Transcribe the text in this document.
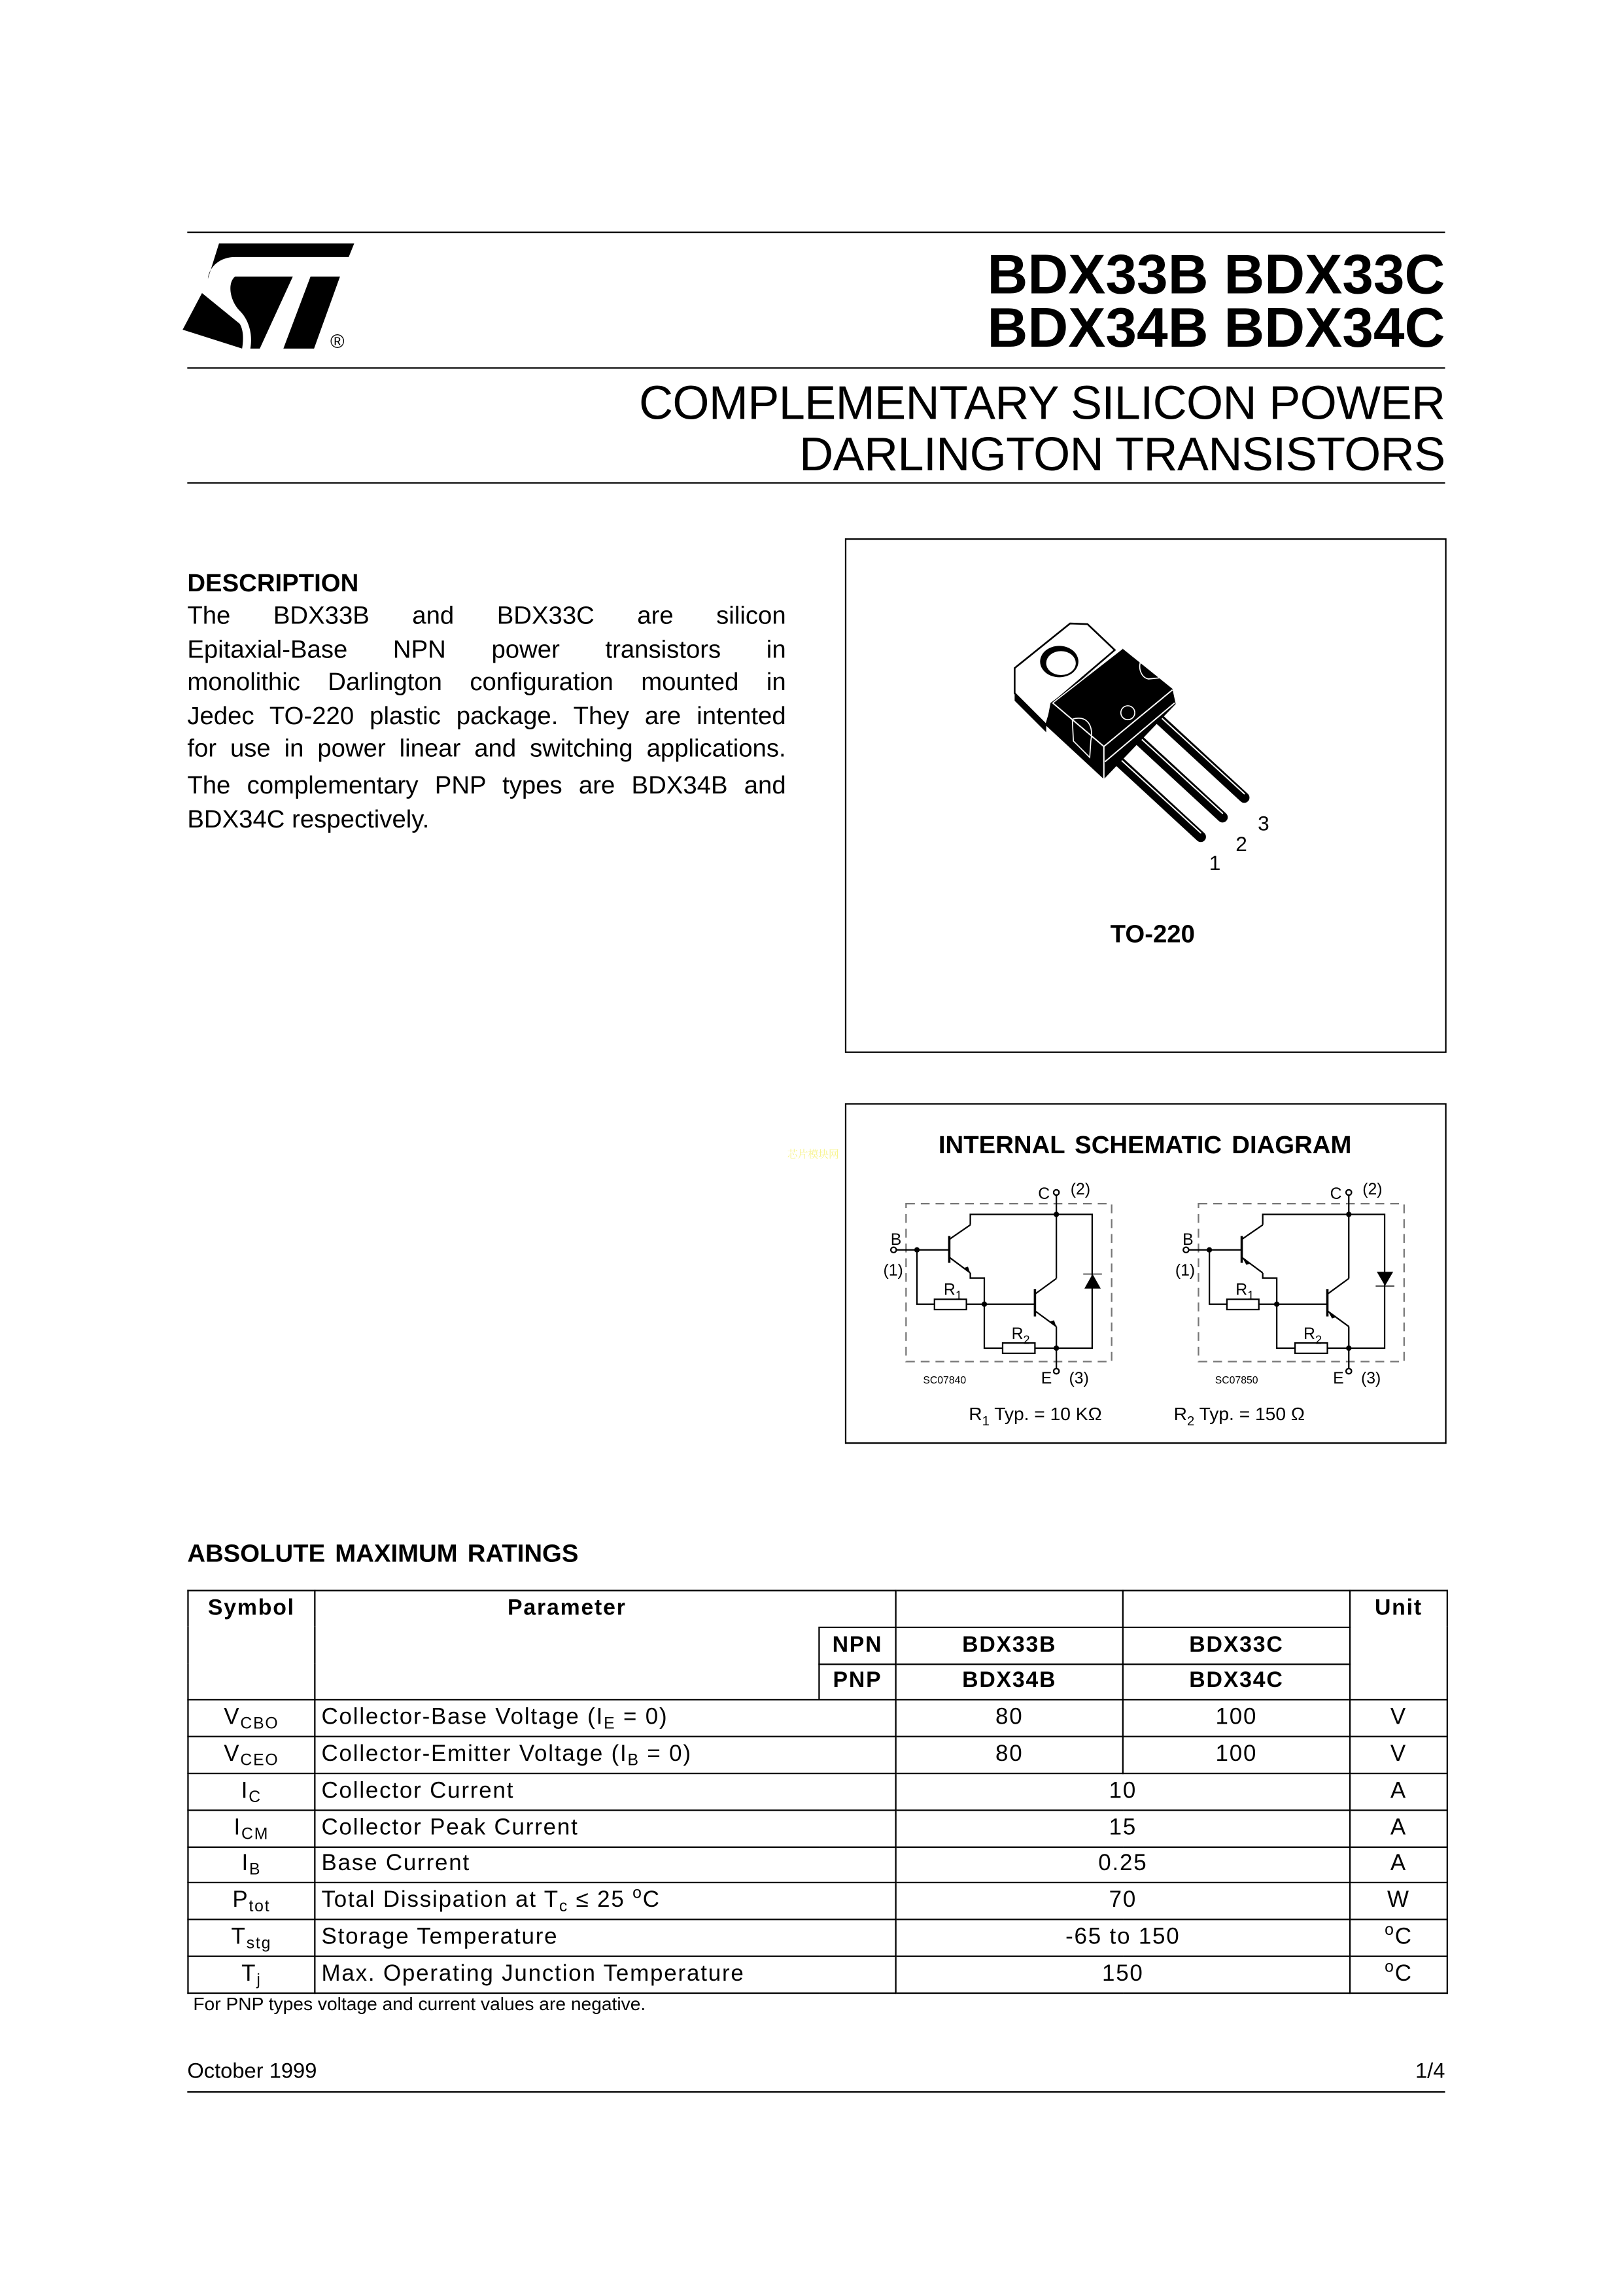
®
BDX33B BDX33C
BDX34B BDX34C
COMPLEMENTARY SILICON POWER
DARLINGTON TRANSISTORS
DESCRIPTION
The BDX33B and BDX33C are silicon
Epitaxial-Base NPN power transistors in
monolithic Darlington configuration mounted in
Jedec TO-220 plastic package. They are intented
for use in power linear and switching applications.
The complementary PNP types are BDX34B and
BDX34C respectively.
1
2
3
TO-220
芯片模块网	INTERNAL SCHEMATIC DIAGRAM
C	(2)
B
(1)
$R_1$
$R_2$
E (3)
SC07840
C	(2)
B
(1)
$R_1$
$R_2$
E (3)
SC07850
$R_1$ Typ. = 10 KΩ	$R_2$ Typ. = 150 Ω
ABSOLUTE MAXIMUM RATINGS
Symbol	Parameter				Unit
		NPN	BDX33B	BDX33C	
		PNP	BDX34B	BDX34C	
$V_{CBO}$	Collector-Base Voltage $(I_E = 0)$		80	100	V
$V_{CEO}$	Collector-Emitter Voltage $(I_B = 0)$		80	100	V
$I_C$	Collector Current		10		A
$I_{CM}$	Collector Peak Current		15		A
$I_B$	Base Current		0.25		A
$P_{tot}$	Total Dissipation at $T_c \le 25$ $^o$C		70		W
$T_{stg}$	Storage Temperature		-65 to 150		$^o$C
$T_j$	Max. Operating Junction Temperature		150		$^o$C
For PNP types voltage and current values are negative.
October 1999	1/4
